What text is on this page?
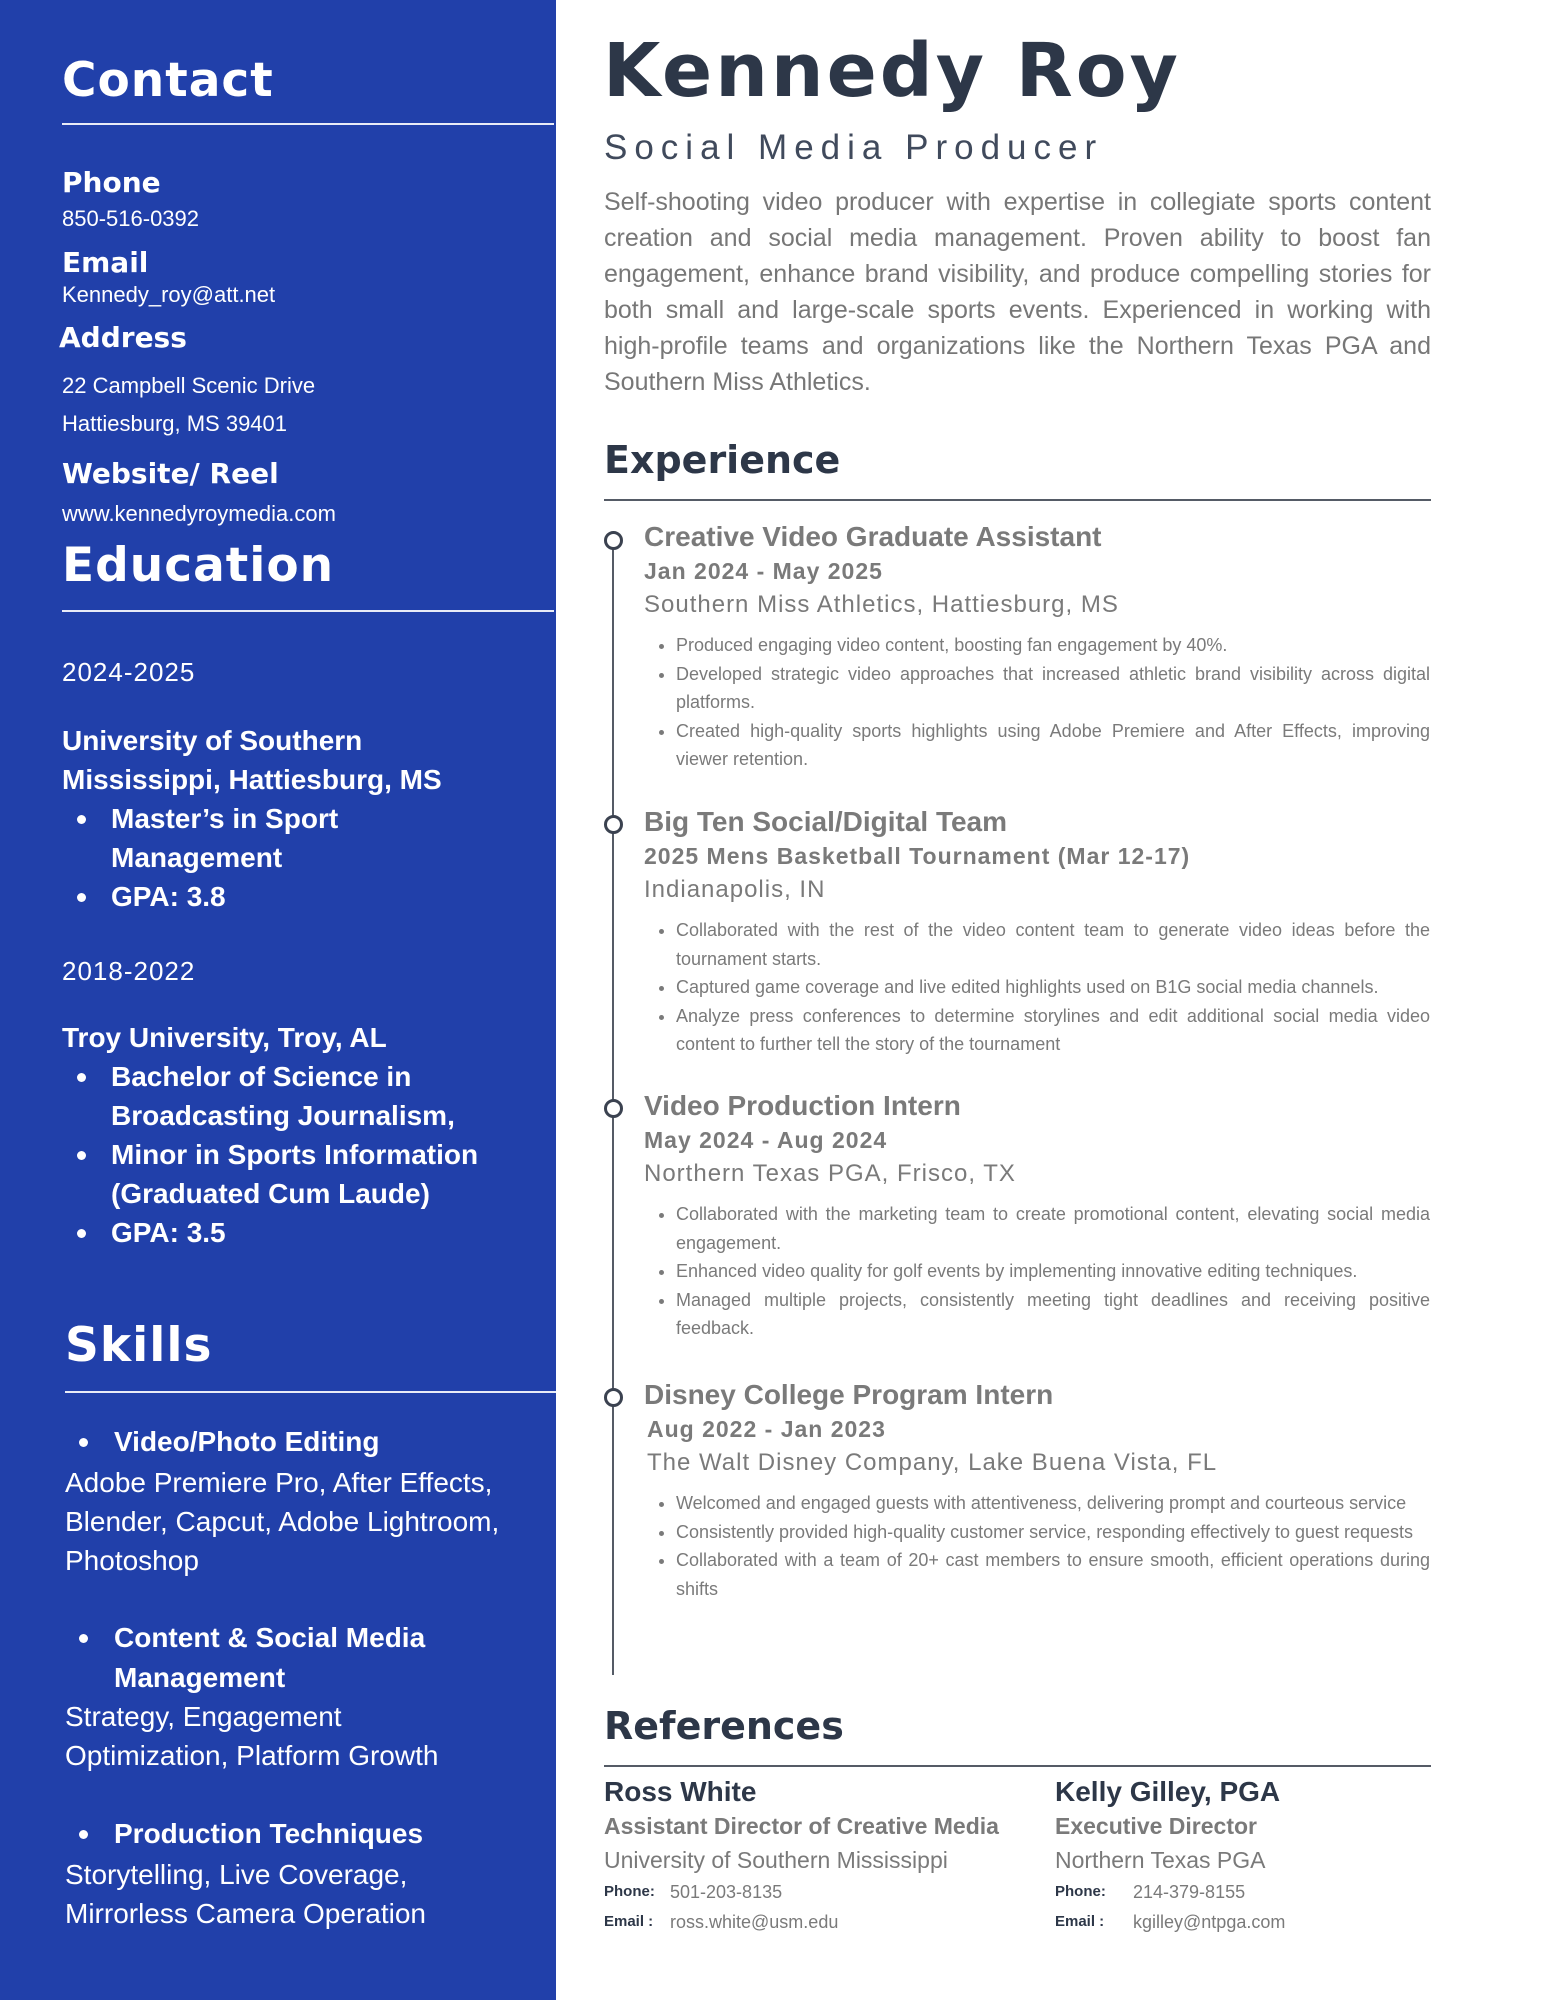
Contact

Phone

850-516-0392

Email

Kennedy_roy@att.net

Address

22 Campbell Scenic Drive

Hattiesburg, MS 39401

Website/ Reel

www.kennedyroymedia.com

Education

2024-2025

University of Southern
Mississippi, Hattiesburg, MS

Master’s in Sport Management
GPA: 3.8

2018-2022

Troy University, Troy, AL

Bachelor of Science in Broadcasting Journalism,
Minor in Sports Information (Graduated Cum Laude)
GPA: 3.5
Skills

Video/Photo Editing

Adobe Premiere Pro, After Effects, Blender, Capcut, Adobe Lightroom, Photoshop

Content & Social Media Management

Strategy, Engagement Optimization, Platform Growth

Production Techniques

Storytelling, Live Coverage, Mirrorless Camera Operation

Kennedy Roy

Social Media Producer

Self-shooting video producer with expertise in collegiate sports content creation and social media management. Proven ability to boost fan engagement, enhance brand visibility, and produce compelling stories for both small and large-scale sports events. Experienced in working with high-profile teams and organizations like the Northern Texas PGA and Southern Miss Athletics.

Experience

Creative Video Graduate Assistant

Jan 2024 - May 2025

Southern Miss Athletics, Hattiesburg, MS

• Produced engaging video content, boosting fan engagement by 40%.
• Developed strategic video approaches that increased athletic brand visibility across digital platforms.
• Created high-quality sports highlights using Adobe Premiere and After Effects, improving viewer retention.

Big Ten Social/Digital Team

2025 Mens Basketball Tournament (Mar 12-17)

Indianapolis, IN

• Collaborated with the rest of the video content team to generate video ideas before the tournament starts.
• Captured game coverage and live edited highlights used on B1G social media channels.
• Analyze press conferences to determine storylines and edit additional social media video content to further tell the story of the tournament

Video Production Intern

May 2024 - Aug 2024

Northern Texas PGA, Frisco, TX

• Collaborated with the marketing team to create promotional content, elevating social media engagement.
• Enhanced video quality for golf events by implementing innovative editing techniques.
• Managed multiple projects, consistently meeting tight deadlines and receiving positive feedback.

Disney College Program Intern

Aug 2022 - Jan 2023

The Walt Disney Company, Lake Buena Vista, FL

• Welcomed and engaged guests with attentiveness, delivering prompt and courteous service
• Consistently provided high-quality customer service, responding effectively to guest requests
• Collaborated with a team of 20+ cast members to ensure smooth, efficient operations during shifts
References

Ross White

Assistant Director of Creative Media

University of Southern Mississippi

Phone: 501-203-8135

Email : ross.white@usm.edu

Kelly Gilley, PGA

Executive Director

Northern Texas PGA

Phone: 214-379-8155

Email : kgilley@ntpga.com
